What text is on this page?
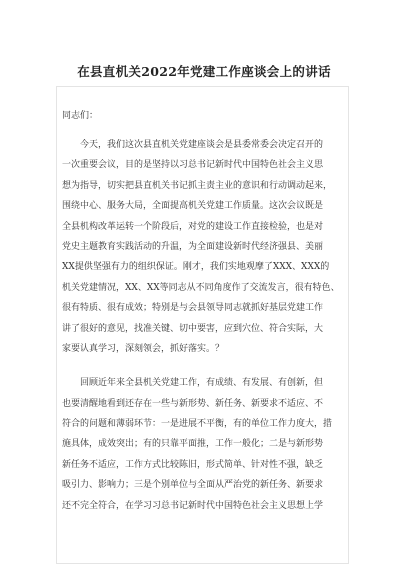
在县直机关2022年党建工作座谈会上的讲话
同志们：
　　今天，我们这次县直机关党建座谈会是县委常委会决定召开的
一次重要会议，目的是坚持以习总书记新时代中国特色社会主义思
想为指导，切实把县直机关书记抓主责主业的意识和行动调动起来，
围绕中心、服务大局，全面提高机关党建工作质量。这次会议既是
全县机构改革运转一个阶段后，对党的建设工作直接检验，也是对
党史主题教育实践活动的升温，为全面建设新时代经济强县、美丽
XX提供坚强有力的组织保证。刚才，我们实地观摩了XXX、XXX的
机关党建情况，XX、XX等同志从不同角度作了交流发言，很有特色、
很有特质、很有成效；特别是与会县领导同志就抓好基层党建工作
讲了很好的意见，找准关键、切中要害，应到穴位、符合实际，大
家要认真学习，深刻领会，抓好落实。？
　　回顾近年来全县机关党建工作，有成绩、有发展、有创新，但
也要清醒地看到还存在一些与新形势、新任务、新要求不适应、不
符合的问题和薄弱环节：一是进展不平衡，有的单位工作力度大，措
施具体，成效突出；有的只靠平面推，工作一般化；二是与新形势
新任务不适应，工作方式比较陈旧，形式简单、针对性不强，缺乏
吸引力、影响力；三是个别单位与全面从严治党的新任务、新要求
还不完全符合，在学习习总书记新时代中国特色社会主义思想上学
